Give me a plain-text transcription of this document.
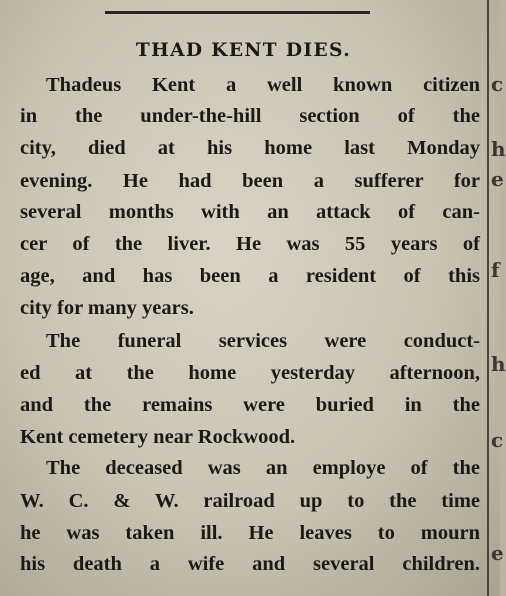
c
h
e
f
h
c
e
THAD KENT DIES.
Thadeus Kent a well known citizen
in the under-the-hill section of the
city, died at his home last Monday
evening. He had been a sufferer for
several months with an attack of can-
cer of the liver. He was 55 years of
age, and has been a resident of this
city for many years.
The funeral services were conduct-
ed at the home yesterday afternoon,
and the remains were buried in the
Kent cemetery near Rockwood.
The deceased was an employe of the
W. C. & W. railroad up to the time
he was taken ill. He leaves to mourn
his death a wife and several children.
